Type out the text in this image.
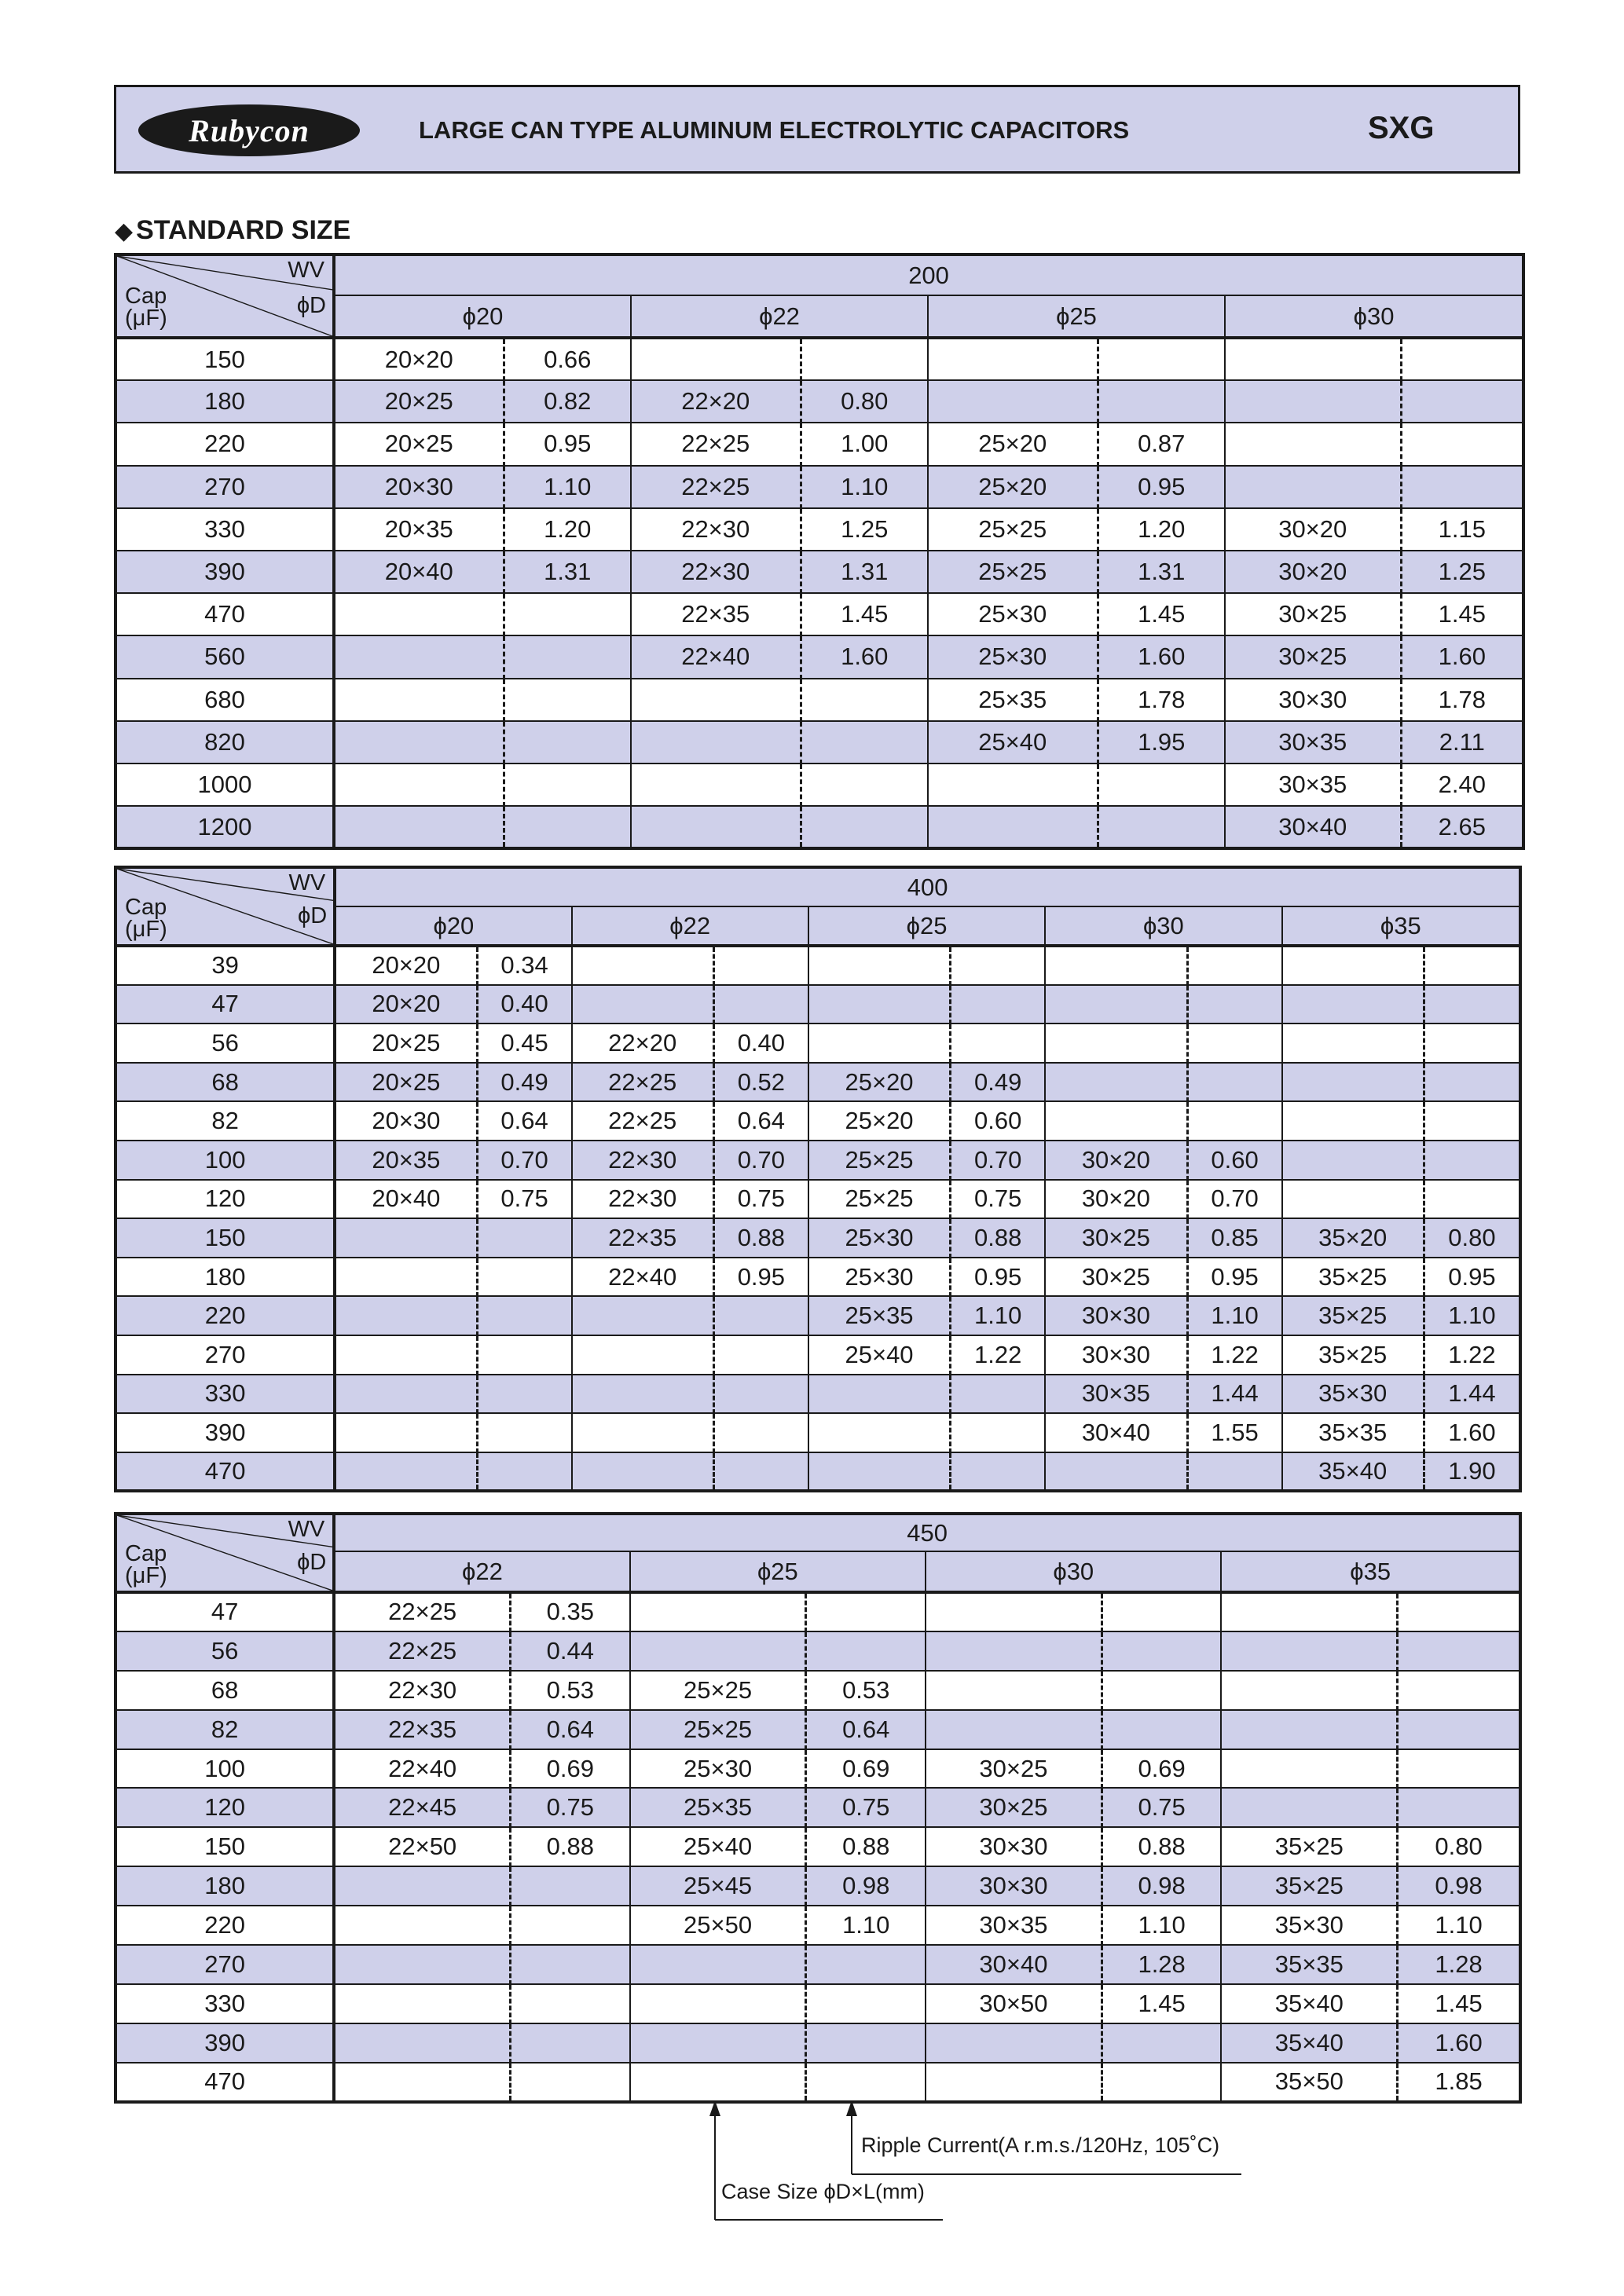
Rubycon	LARGE CAN TYPE ALUMINUM ELECTROLYTIC CAPACITORS	SXG
◆ STANDARD SIZE
WV
ϕD
Cap
(μF)	200							
	ϕ20		ϕ22		ϕ25		ϕ30	
150	20×20	0.66						
180	20×25	0.82	22×20	0.80				
220	20×25	0.95	22×25	1.00	25×20	0.87		
270	20×30	1.10	22×25	1.10	25×20	0.95		
330	20×35	1.20	22×30	1.25	25×25	1.20	30×20	1.15
390	20×40	1.31	22×30	1.31	25×25	1.31	30×20	1.25
470			22×35	1.45	25×30	1.45	30×25	1.45
560			22×40	1.60	25×30	1.60	30×25	1.60
680					25×35	1.78	30×30	1.78
820					25×40	1.95	30×35	2.11
1000							30×35	2.40
1200							30×40	2.65
WV
ϕD
Cap
(μF)	400									
	ϕ20		ϕ22		ϕ25		ϕ30		ϕ35	
39	20×20	0.34								
47	20×20	0.40								
56	20×25	0.45	22×20	0.40						
68	20×25	0.49	22×25	0.52	25×20	0.49				
82	20×30	0.64	22×25	0.64	25×20	0.60				
100	20×35	0.70	22×30	0.70	25×25	0.70	30×20	0.60		
120	20×40	0.75	22×30	0.75	25×25	0.75	30×20	0.70		
150			22×35	0.88	25×30	0.88	30×25	0.85	35×20	0.80
180			22×40	0.95	25×30	0.95	30×25	0.95	35×25	0.95
220					25×35	1.10	30×30	1.10	35×25	1.10
270					25×40	1.22	30×30	1.22	35×25	1.22
330							30×35	1.44	35×30	1.44
390							30×40	1.55	35×35	1.60
470									35×40	1.90
WV
ϕD
Cap
(μF)	450							
	ϕ22		ϕ25		ϕ30		ϕ35	
47	22×25	0.35						
56	22×25	0.44						
68	22×30	0.53	25×25	0.53				
82	22×35	0.64	25×25	0.64				
100	22×40	0.69	25×30	0.69	30×25	0.69		
120	22×45	0.75	25×35	0.75	30×25	0.75		
150	22×50	0.88	25×40	0.88	30×30	0.88	35×25	0.80
180			25×45	0.98	30×30	0.98	35×25	0.98
220			25×50	1.10	30×35	1.10	35×30	1.10
270					30×40	1.28	35×35	1.28
330					30×50	1.45	35×40	1.45
390							35×40	1.60
470							35×50	1.85
Ripple Current(A r.m.s./120Hz, 105˚C)
Case Size ϕD×L(mm)
